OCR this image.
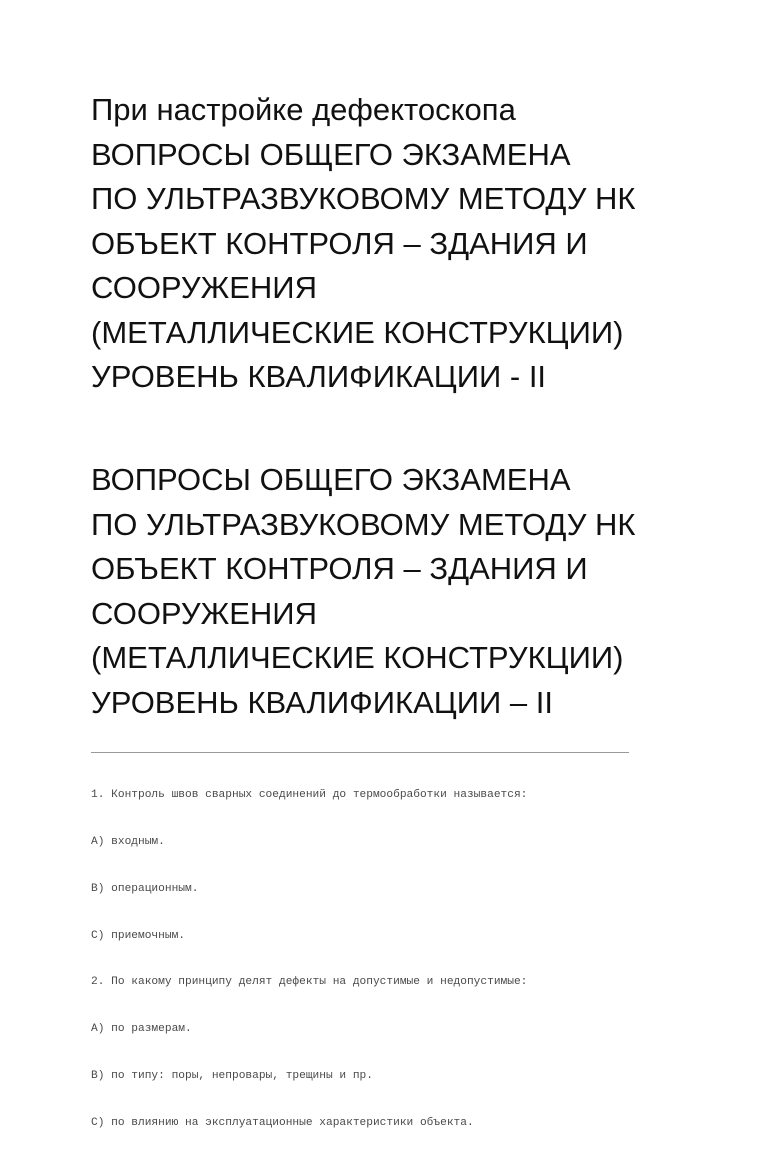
При настройке дефектоскопа
ВОПРОСЫ ОБЩЕГО ЭКЗАМЕНА
ПО УЛЬТРАЗВУКОВОМУ МЕТОДУ НК
ОБЪЕКТ КОНТРОЛЯ – ЗДАНИЯ И
СООРУЖЕНИЯ
(МЕТАЛЛИЧЕСКИЕ КОНСТРУКЦИИ)
УРОВЕНЬ КВАЛИФИКАЦИИ - II
ВОПРОСЫ ОБЩЕГО ЭКЗАМЕНА
ПО УЛЬТРАЗВУКОВОМУ МЕТОДУ НК
ОБЪЕКТ КОНТРОЛЯ – ЗДАНИЯ И
СООРУЖЕНИЯ
(МЕТАЛЛИЧЕСКИЕ КОНСТРУКЦИИ)
УРОВЕНЬ КВАЛИФИКАЦИИ – II

1. Контроль швов сварных соединений до термообработки называется:

A) входным.

B) операционным.

C) приемочным.

2. По какому принципу делят дефекты на допустимые и недопустимые:

A) по размерам.

B) по типу: поры, непровары, трещины и пр.

C) по влиянию на эксплуатационные характеристики объекта.
